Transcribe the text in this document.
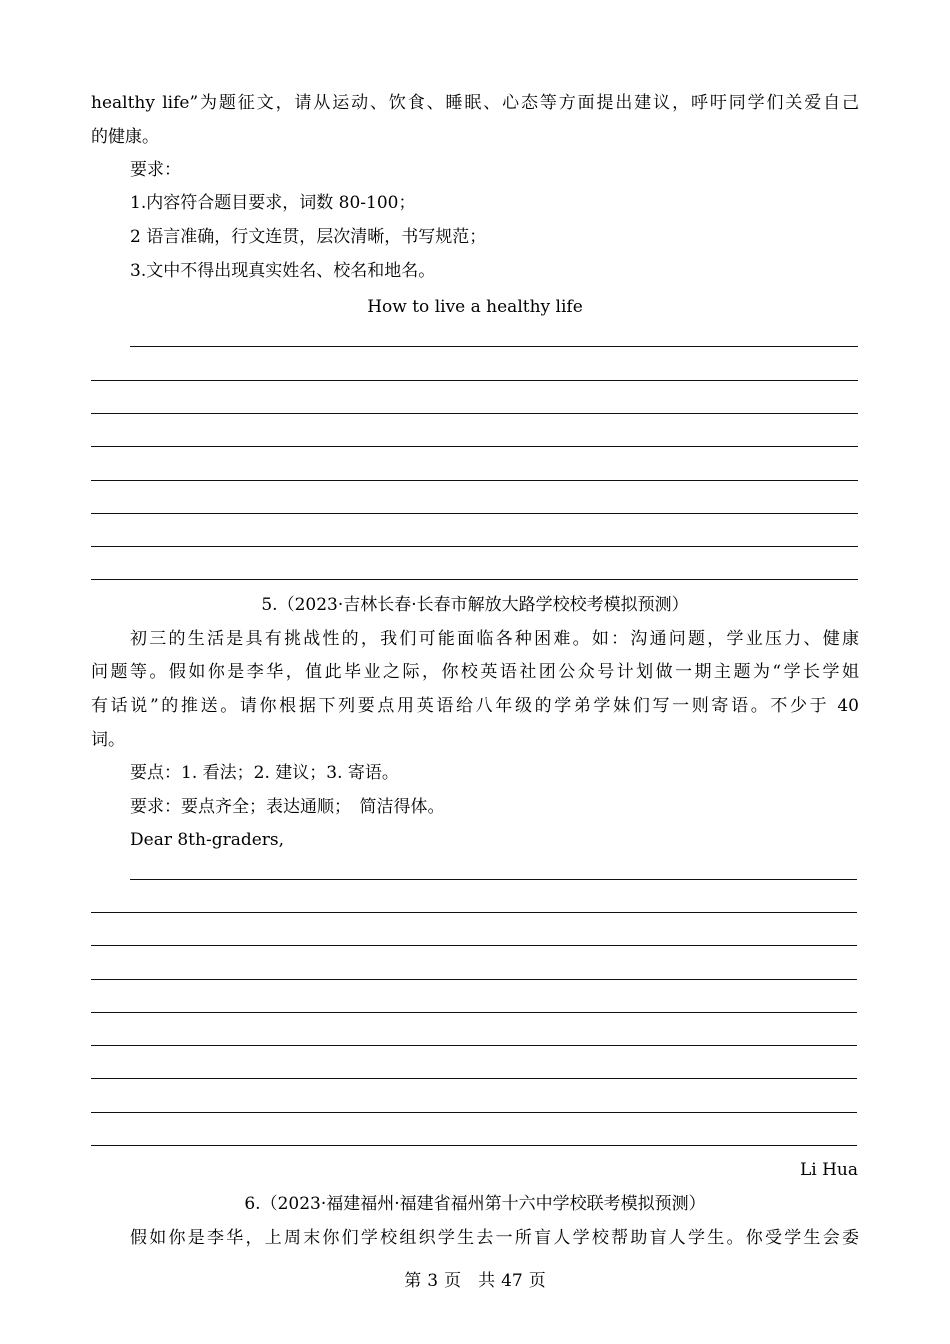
healthy life”为题征文，请从运动、饮食、睡眠、心态等方面提出建议，呼吁同学们关爱自己
的健康。
要求：
1.内容符合题目要求，词数 80-100；
2 语言准确，行文连贯，层次清晰，书写规范；
3.文中不得出现真实姓名、校名和地名。
How to live a healthy life
5.（2023·吉林长春·长春市解放大路学校校考模拟预测）
初三的生活是具有挑战性的，我们可能面临各种困难。如：沟通问题，学业压力、健康
问题等。假如你是李华，值此毕业之际，你校英语社团公众号计划做一期主题为“学长学姐
有话说”的推送。请你根据下列要点用英语给八年级的学弟学妹们写一则寄语。不少于 40
词。
要点：1. 看法；2. 建议；3. 寄语。
要求：要点齐全；表达通顺；　简洁得体。
Dear 8th-graders,
Li Hua
6.（2023·福建福州·福建省福州第十六中学校联考模拟预测）
假如你是李华，上周末你们学校组织学生去一所盲人学校帮助盲人学生。你受学生会委
第 3 页　共 47 页
